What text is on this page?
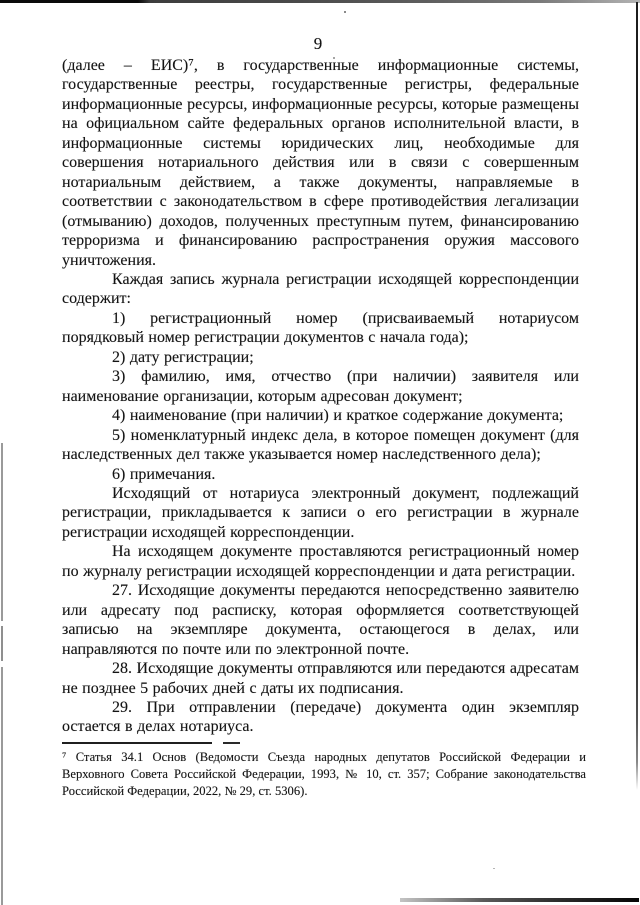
9

(далее – ЕИС)⁷, в государственные информационные системы, государственные реестры, государственные регистры, федеральные информационные ресурсы, информационные ресурсы, которые размещены на официальном сайте федеральных органов исполнительной власти, в информационные системы юридических лиц, необходимые для совершения нотариального действия или в связи с совершенным нотариальным действием, а также документы, направляемые в соответствии с законодательством в сфере противодействия легализации (отмыванию) доходов, полученных преступным путем, финансированию терроризма и финансированию распространения оружия массового уничтожения.

Каждая запись журнала регистрации исходящей корреспонденции содержит:

1) регистрационный номер (присваиваемый нотариусом порядковый номер регистрации документов с начала года);

2) дату регистрации;

3) фамилию, имя, отчество (при наличии) заявителя или наименование организации, которым адресован документ;

4) наименование (при наличии) и краткое содержание документа;

5) номенклатурный индекс дела, в которое помещен документ (для наследственных дел также указывается номер наследственного дела);

6) примечания.

Исходящий от нотариуса электронный документ, подлежащий регистрации, прикладывается к записи о его регистрации в журнале регистрации исходящей корреспонденции.

На исходящем документе проставляются регистрационный номер по журналу регистрации исходящей корреспонденции и дата регистрации.

27. Исходящие документы передаются непосредственно заявителю или адресату под расписку, которая оформляется соответствующей записью на экземпляре документа, остающегося в делах, или направляются по почте или по электронной почте.

28. Исходящие документы отправляются или передаются адресатам не позднее 5 рабочих дней с даты их подписания.

29. При отправлении (передаче) документа один экземпляр остается в делах нотариуса.

⁷ Статья 34.1 Основ (Ведомости Съезда народных депутатов Российской Федерации и Верховного Совета Российской Федерации, 1993, № 10, ст. 357; Собрание законодательства Российской Федерации, 2022, № 29, ст. 5306).
